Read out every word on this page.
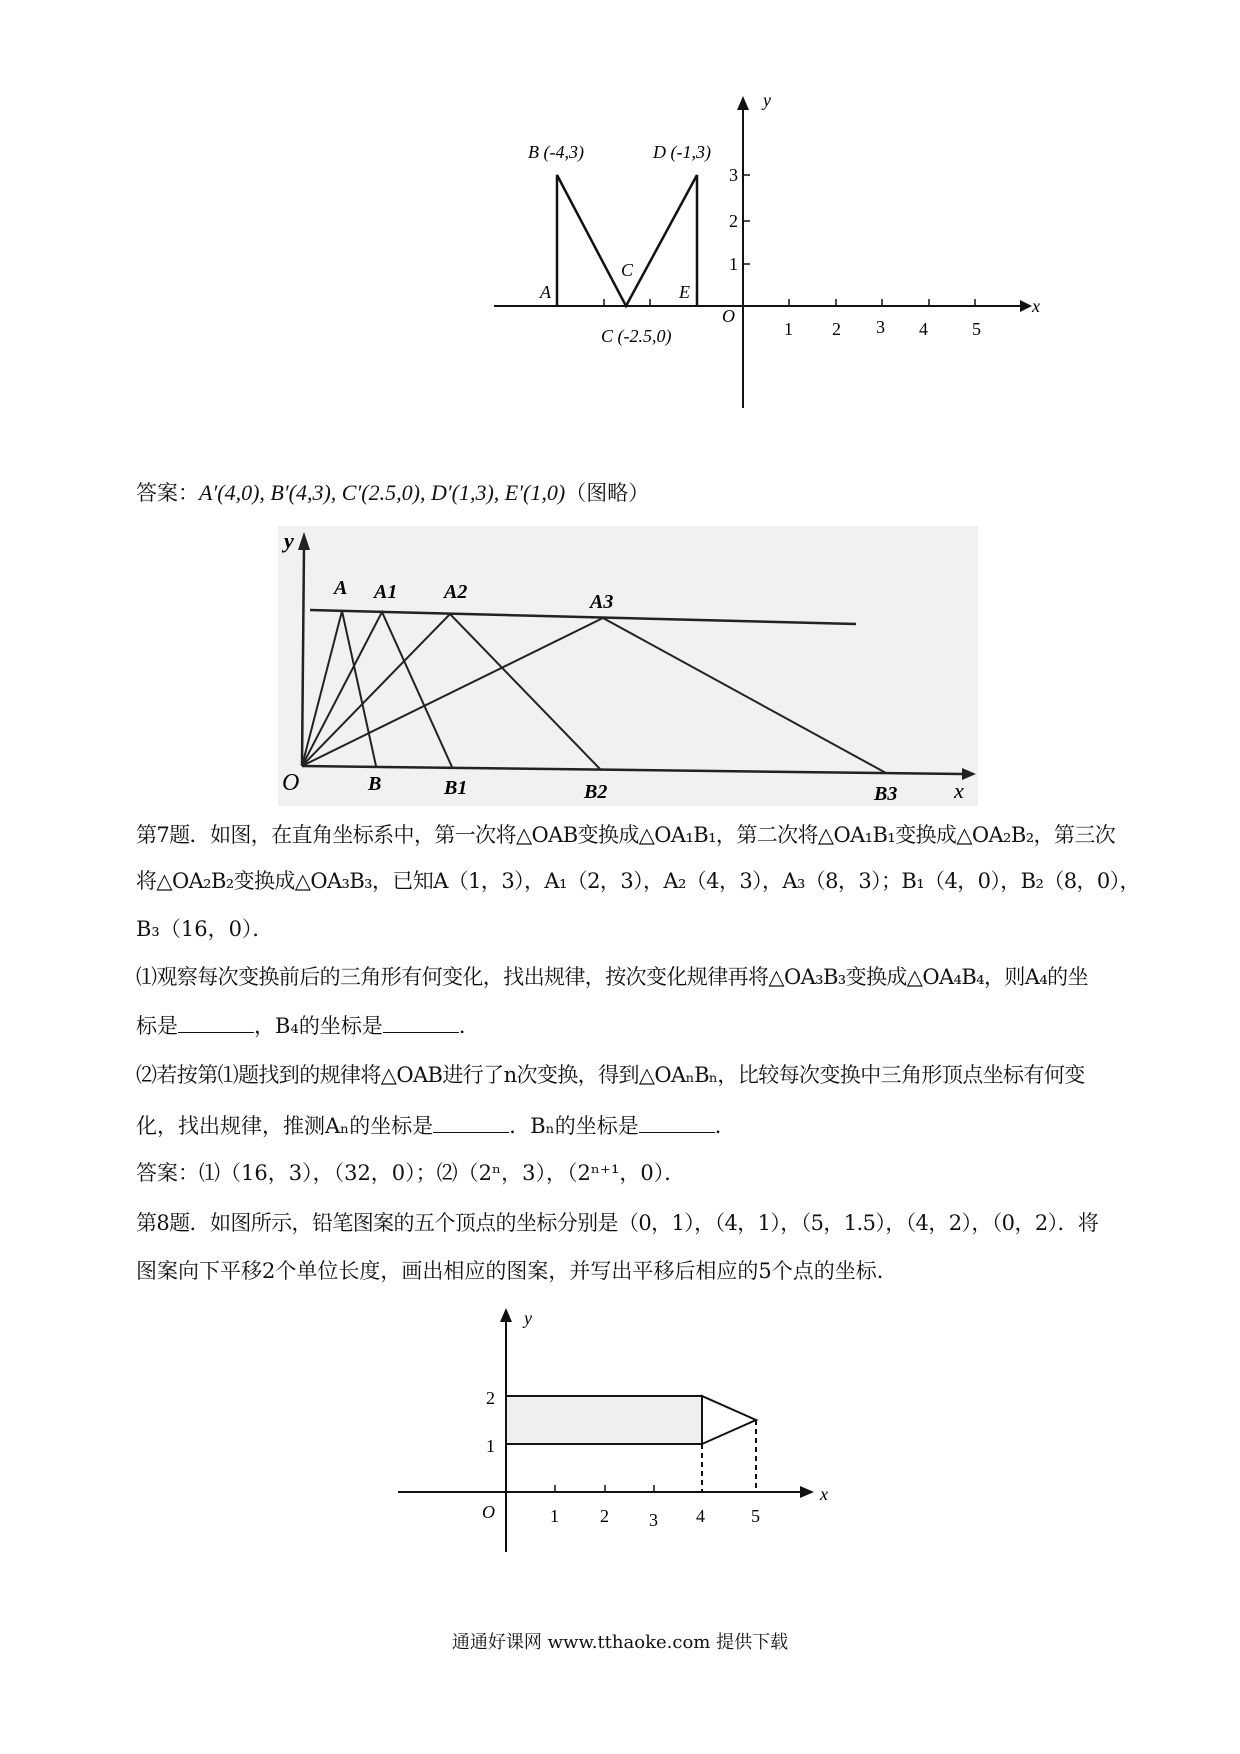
y
x
O
1 2 3 4 5
1
2
3
B (-4,3)	D (-1,3)
A	E
C
C (-2.5,0)
答案：A′(4,0), B′(4,3), C′(2.5,0), D′(1,3), E′(1,0)（图略）
y
O	x
A A1 A2	A3
B	B1	B2	B3
第7题．如图，在直角坐标系中，第一次将△OAB变换成△OA₁B₁，第二次将△OA₁B₁变换成△OA₂B₂，第三次
将△OA₂B₂变换成△OA₃B₃，已知A（1，3），A₁（2，3），A₂（4，3），A₃（8，3）；B₁（4，0），B₂（8，0），
B₃（16，0）．
⑴观察每次变换前后的三角形有何变化，找出规律，按次变化规律再将△OA₃B₃变换成△OA₄B₄，则A₄的坐
标是	，B₄的坐标是	．
⑵若按第⑴题找到的规律将△OAB进行了n次变换，得到△OAₙBₙ，比较每次变换中三角形顶点坐标有何变
化，找出规律，推测Aₙ的坐标是	．Bₙ的坐标是	．
答案：⑴（16，3），（32，0）；⑵（2ⁿ，3），（2ⁿ⁺¹，0）．
第8题．如图所示，铅笔图案的五个顶点的坐标分别是（0，1），（4，1），（5，1.5），（4，2），（0，2）．将
图案向下平移2个单位长度，画出相应的图案，并写出平移后相应的5个点的坐标．
y
x
O	1 2 3 4	5
1
2
通通好课网 www.tthaoke.com 提供下载
